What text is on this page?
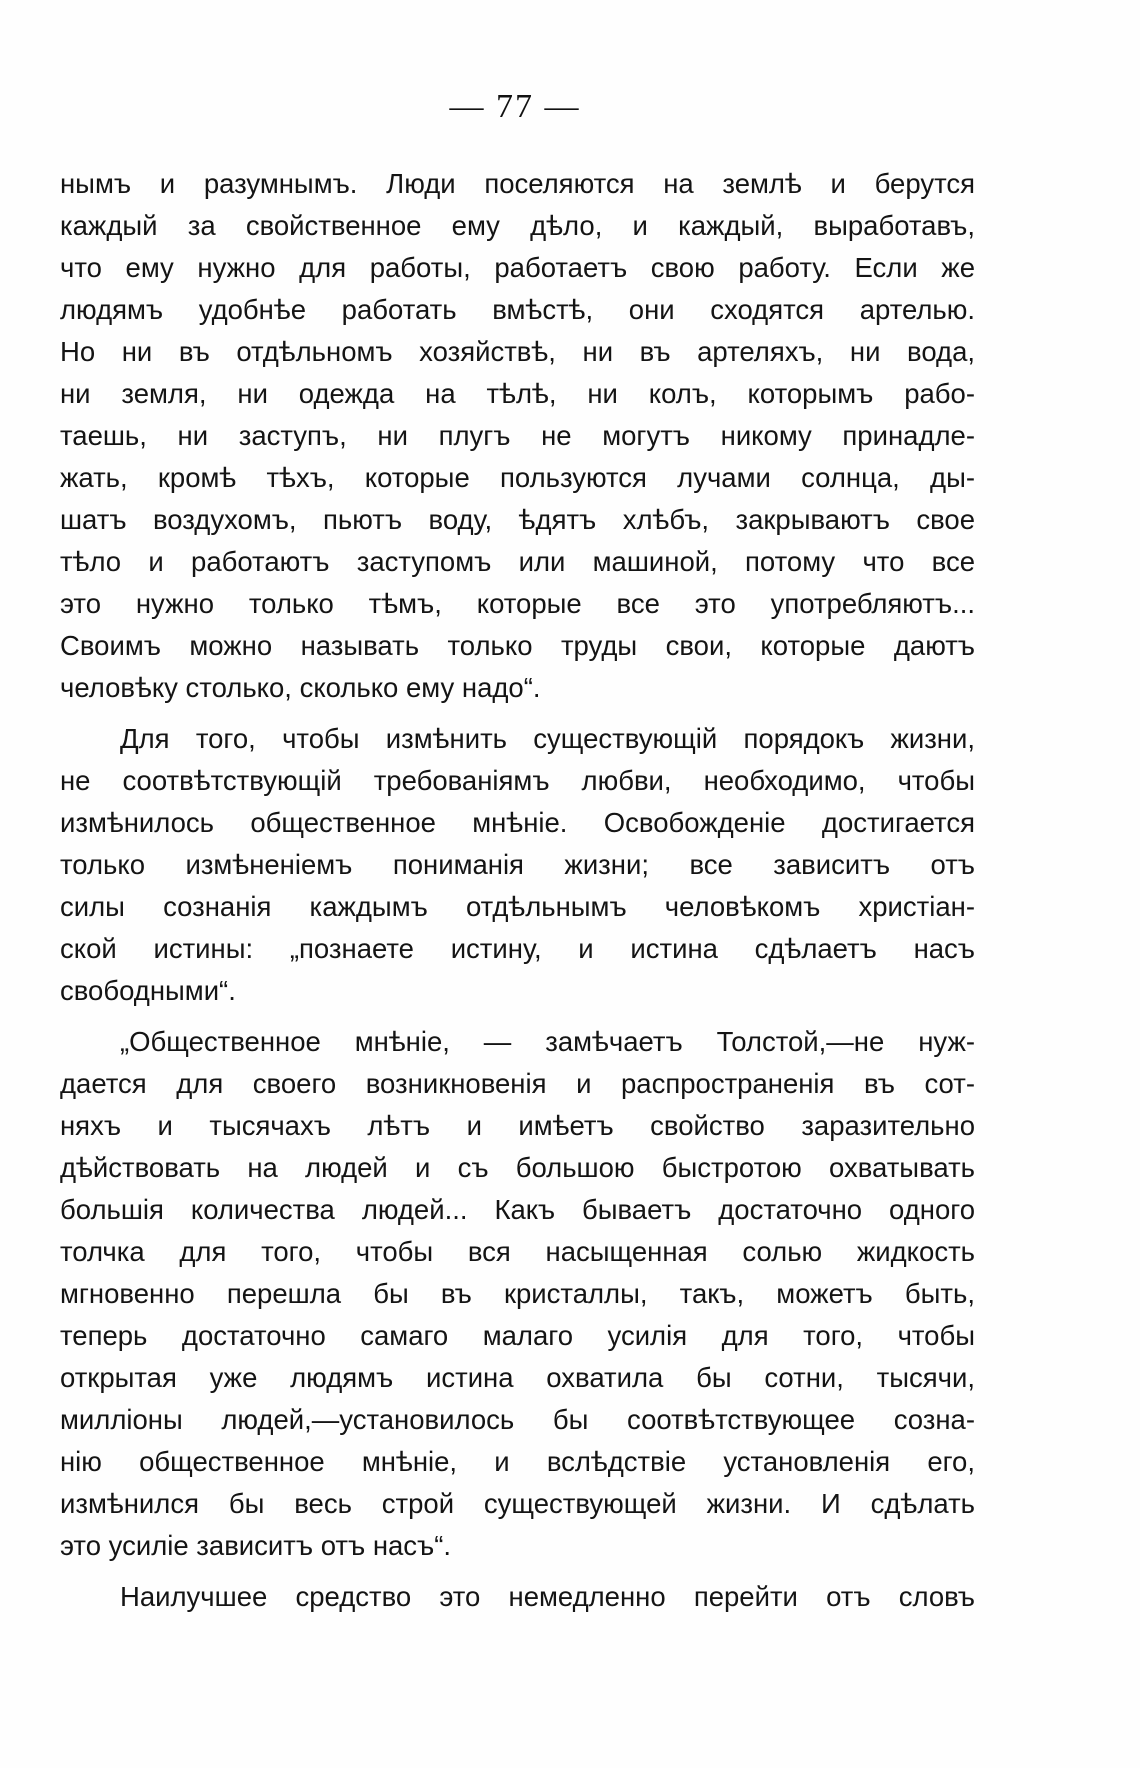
— 77 —
нымъ и разумнымъ. Люди поселяются на землѣ и берутся
каждый за свойственное ему дѣло, и каждый, выработавъ,
что ему нужно для работы, работаетъ свою работу. Если же
людямъ удобнѣе работать вмѣстѣ, они сходятся артелью.
Но ни въ отдѣльномъ хозяйствѣ, ни въ артеляхъ, ни вода,
ни земля, ни одежда на тѣлѣ, ни колъ, которымъ рабо-
таешь, ни заступъ, ни плугъ не могутъ никому принадле-
жать, кромѣ тѣхъ, которые пользуются лучами солнца, ды-
шатъ воздухомъ, пьютъ воду, ѣдятъ хлѣбъ, закрываютъ свое
тѣло и работаютъ заступомъ или машиной, потому что все
это нужно только тѣмъ, которые все это употребляютъ...
Своимъ можно называть только труды свои, которые даютъ
человѣку столько, сколько ему надо“.
Для того, чтобы измѣнить существующій порядокъ жизни,
не соотвѣтствующій требованіямъ любви, необходимо, чтобы
измѣнилось общественное мнѣніе. Освобожденіе достигается
только измѣненіемъ пониманія жизни; все зависитъ отъ
силы сознанія каждымъ отдѣльнымъ человѣкомъ христіан-
ской истины: „познаете истину, и истина сдѣлаетъ насъ
свободными“.
„Общественное мнѣніе, — замѣчаетъ Толстой,—не нуж-
дается для своего возникновенія и распространенія въ сот-
няхъ и тысячахъ лѣтъ и имѣетъ свойство заразительно
дѣйствовать на людей и съ большою быстротою охватывать
большія количества людей... Какъ бываетъ достаточно одного
толчка для того, чтобы вся насыщенная солью жидкость
мгновенно перешла бы въ кристаллы, такъ, можетъ быть,
теперь достаточно самаго малаго усилія для того, чтобы
открытая уже людямъ истина охватила бы сотни, тысячи,
милліоны людей,—установилось бы соотвѣтствующее созна-
нію общественное мнѣніе, и вслѣдствіе установленія его,
измѣнился бы весь строй существующей жизни. И сдѣлать
это усиліе зависитъ отъ насъ“.
Наилучшее средство это немедленно перейти отъ словъ
